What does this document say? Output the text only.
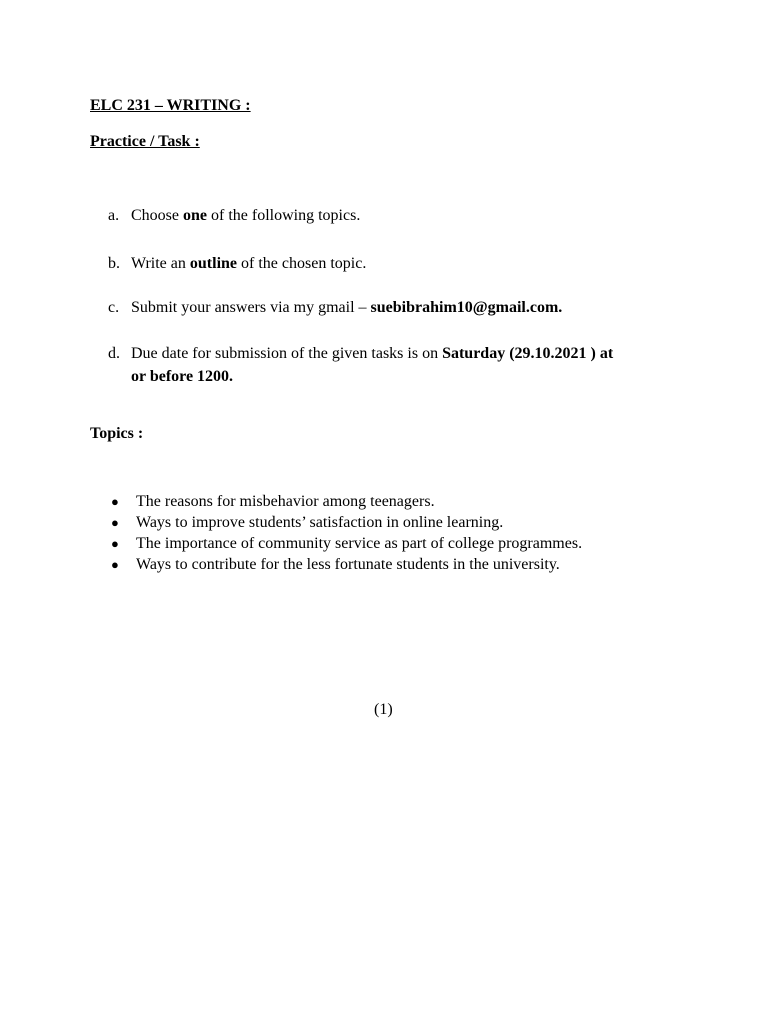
ELC 231 – WRITING :
Practice / Task :
a. Choose one of the following topics.
b. Write an outline of the chosen topic.
c. Submit your answers via my gmail – suebibrahim10@gmail.com.
d. Due date for submission of the given tasks is on Saturday (29.10.2021 ) at
or before 1200.
Topics :
● The reasons for misbehavior among teenagers.
● Ways to improve students’ satisfaction in online learning.
● The importance of community service as part of college programmes.
● Ways to contribute for the less fortunate students in the university.
(1)
